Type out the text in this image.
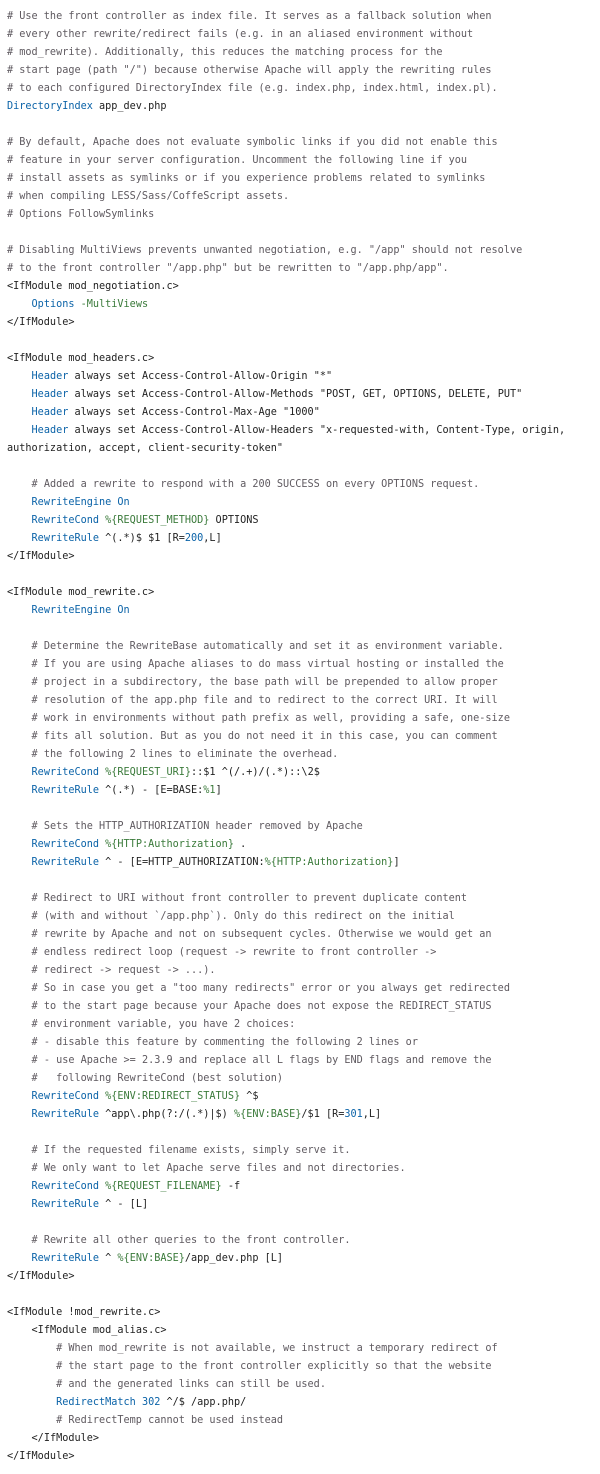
# Use the front controller as index file. It serves as a fallback solution when
# every other rewrite/redirect fails (e.g. in an aliased environment without
# mod_rewrite). Additionally, this reduces the matching process for the
# start page (path "/") because otherwise Apache will apply the rewriting rules
# to each configured DirectoryIndex file (e.g. index.php, index.html, index.pl).
DirectoryIndex app_dev.php
# By default, Apache does not evaluate symbolic links if you did not enable this
# feature in your server configuration. Uncomment the following line if you
# install assets as symlinks or if you experience problems related to symlinks
# when compiling LESS/Sass/CoffeScript assets.
# Options FollowSymlinks
# Disabling MultiViews prevents unwanted negotiation, e.g. "/app" should not resolve
# to the front controller "/app.php" but be rewritten to "/app.php/app".
<IfModule mod_negotiation.c>
Options -MultiViews
</IfModule>
<IfModule mod_headers.c>
Header always set Access-Control-Allow-Origin "*"
Header always set Access-Control-Allow-Methods "POST, GET, OPTIONS, DELETE, PUT"
Header always set Access-Control-Max-Age "1000"
Header always set Access-Control-Allow-Headers "x-requested-with, Content-Type, origin, authorization, accept, client-security-token"
# Added a rewrite to respond with a 200 SUCCESS on every OPTIONS request.
RewriteEngine On
RewriteCond %{REQUEST_METHOD} OPTIONS
RewriteRule ^(.*)$ $1 [R=200,L]
</IfModule>
<IfModule mod_rewrite.c>
RewriteEngine On
# Determine the RewriteBase automatically and set it as environment variable.
# If you are using Apache aliases to do mass virtual hosting or installed the
# project in a subdirectory, the base path will be prepended to allow proper
# resolution of the app.php file and to redirect to the correct URI. It will
# work in environments without path prefix as well, providing a safe, one-size
# fits all solution. But as you do not need it in this case, you can comment
# the following 2 lines to eliminate the overhead.
RewriteCond %{REQUEST_URI}::$1 ^(/.+)/(.*)::\2$
RewriteRule ^(.*) - [E=BASE:%1]
# Sets the HTTP_AUTHORIZATION header removed by Apache
RewriteCond %{HTTP:Authorization} .
RewriteRule ^ - [E=HTTP_AUTHORIZATION:%{HTTP:Authorization}]
# Redirect to URI without front controller to prevent duplicate content
# (with and without `/app.php`). Only do this redirect on the initial
# rewrite by Apache and not on subsequent cycles. Otherwise we would get an
# endless redirect loop (request -> rewrite to front controller ->
# redirect -> request -> ...).
# So in case you get a "too many redirects" error or you always get redirected
# to the start page because your Apache does not expose the REDIRECT_STATUS
# environment variable, you have 2 choices:
# - disable this feature by commenting the following 2 lines or
# - use Apache >= 2.3.9 and replace all L flags by END flags and remove the
#   following RewriteCond (best solution)
RewriteCond %{ENV:REDIRECT_STATUS} ^$
RewriteRule ^app\.php(?:/(.*)|$) %{ENV:BASE}/$1 [R=301,L]
# If the requested filename exists, simply serve it.
# We only want to let Apache serve files and not directories.
RewriteCond %{REQUEST_FILENAME} -f
RewriteRule ^ - [L]
# Rewrite all other queries to the front controller.
RewriteRule ^ %{ENV:BASE}/app_dev.php [L]
</IfModule>
<IfModule !mod_rewrite.c>
<IfModule mod_alias.c>
# When mod_rewrite is not available, we instruct a temporary redirect of
# the start page to the front controller explicitly so that the website
# and the generated links can still be used.
RedirectMatch 302 ^/$ /app.php/
# RedirectTemp cannot be used instead
</IfModule>
</IfModule>
